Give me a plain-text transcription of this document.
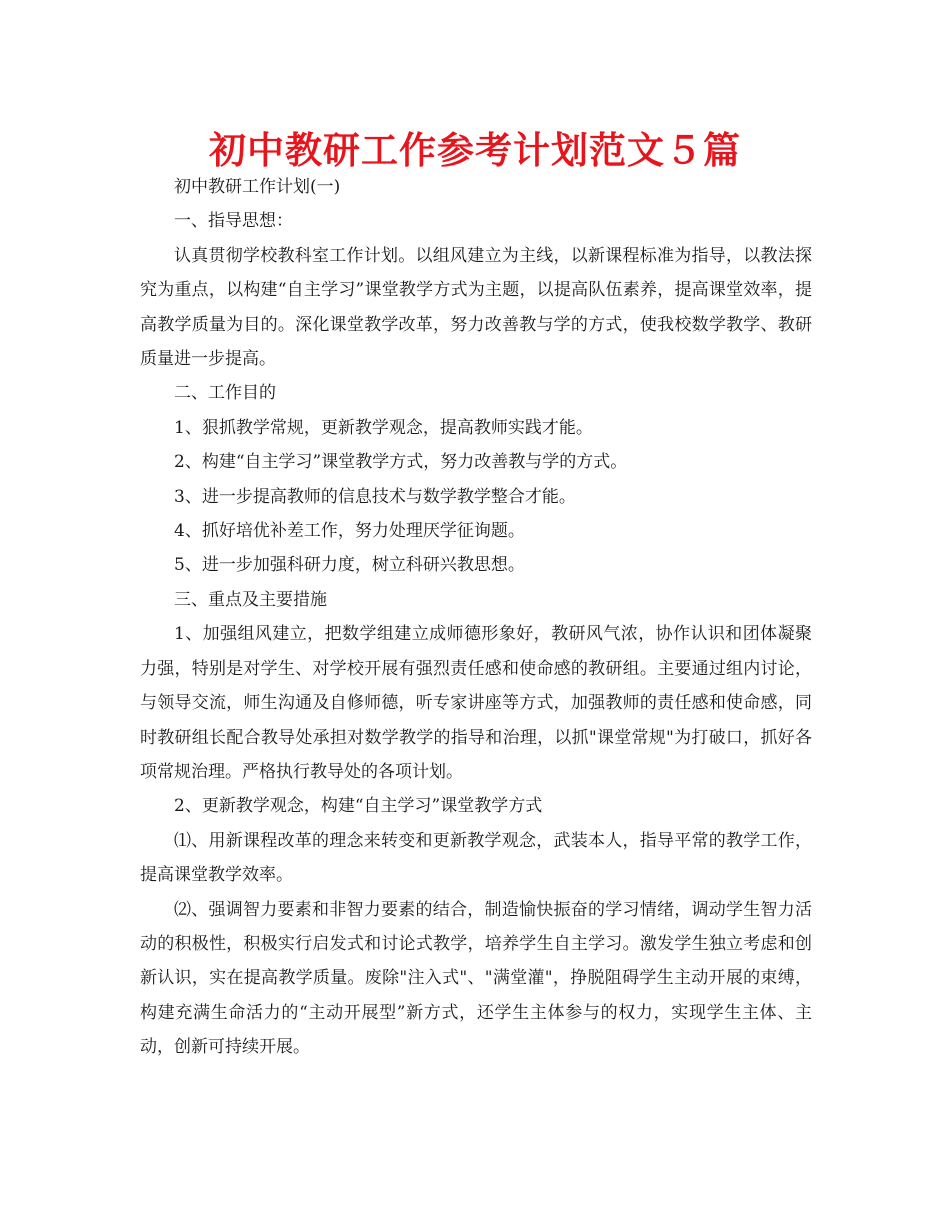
初中教研工作参考计划范文５篇

初中教研工作计划(一)

一、指导思想：

认真贯彻学校教科室工作计划。以组风建立为主线，以新课程标准为指导，以教法探究为重点，以构建“自主学习”课堂教学方式为主题，以提高队伍素养，提高课堂效率，提高教学质量为目的。深化课堂教学改革，努力改善教与学的方式，使我校数学教学、教研质量进一步提高。

二、工作目的

1、狠抓教学常规，更新教学观念，提高教师实践才能。

2、构建“自主学习”课堂教学方式，努力改善教与学的方式。

3、进一步提高教师的信息技术与数学教学整合才能。

4、抓好培优补差工作，努力处理厌学征询题。

5、进一步加强科研力度，树立科研兴教思想。

三、重点及主要措施

1、加强组风建立，把数学组建立成师德形象好，教研风气浓，协作认识和团体凝聚力强，特别是对学生、对学校开展有强烈责任感和使命感的教研组。主要通过组内讨论，与领导交流，师生沟通及自修师德，听专家讲座等方式，加强教师的责任感和使命感，同时教研组长配合教导处承担对数学教学的指导和治理，以抓"课堂常规"为打破口，抓好各项常规治理。严格执行教导处的各项计划。

2、更新教学观念，构建“自主学习”课堂教学方式

⑴、用新课程改革的理念来转变和更新教学观念，武装本人，指导平常的教学工作，提高课堂教学效率。

⑵、强调智力要素和非智力要素的结合，制造愉快振奋的学习情绪，调动学生智力活动的积极性，积极实行启发式和讨论式教学，培养学生自主学习。激发学生独立考虑和创新认识，实在提高教学质量。废除"注入式"、"满堂灌"，挣脱阻碍学生主动开展的束缚，构建充满生命活力的“主动开展型”新方式，还学生主体参与的权力，实现学生主体、主动，创新可持续开展。
